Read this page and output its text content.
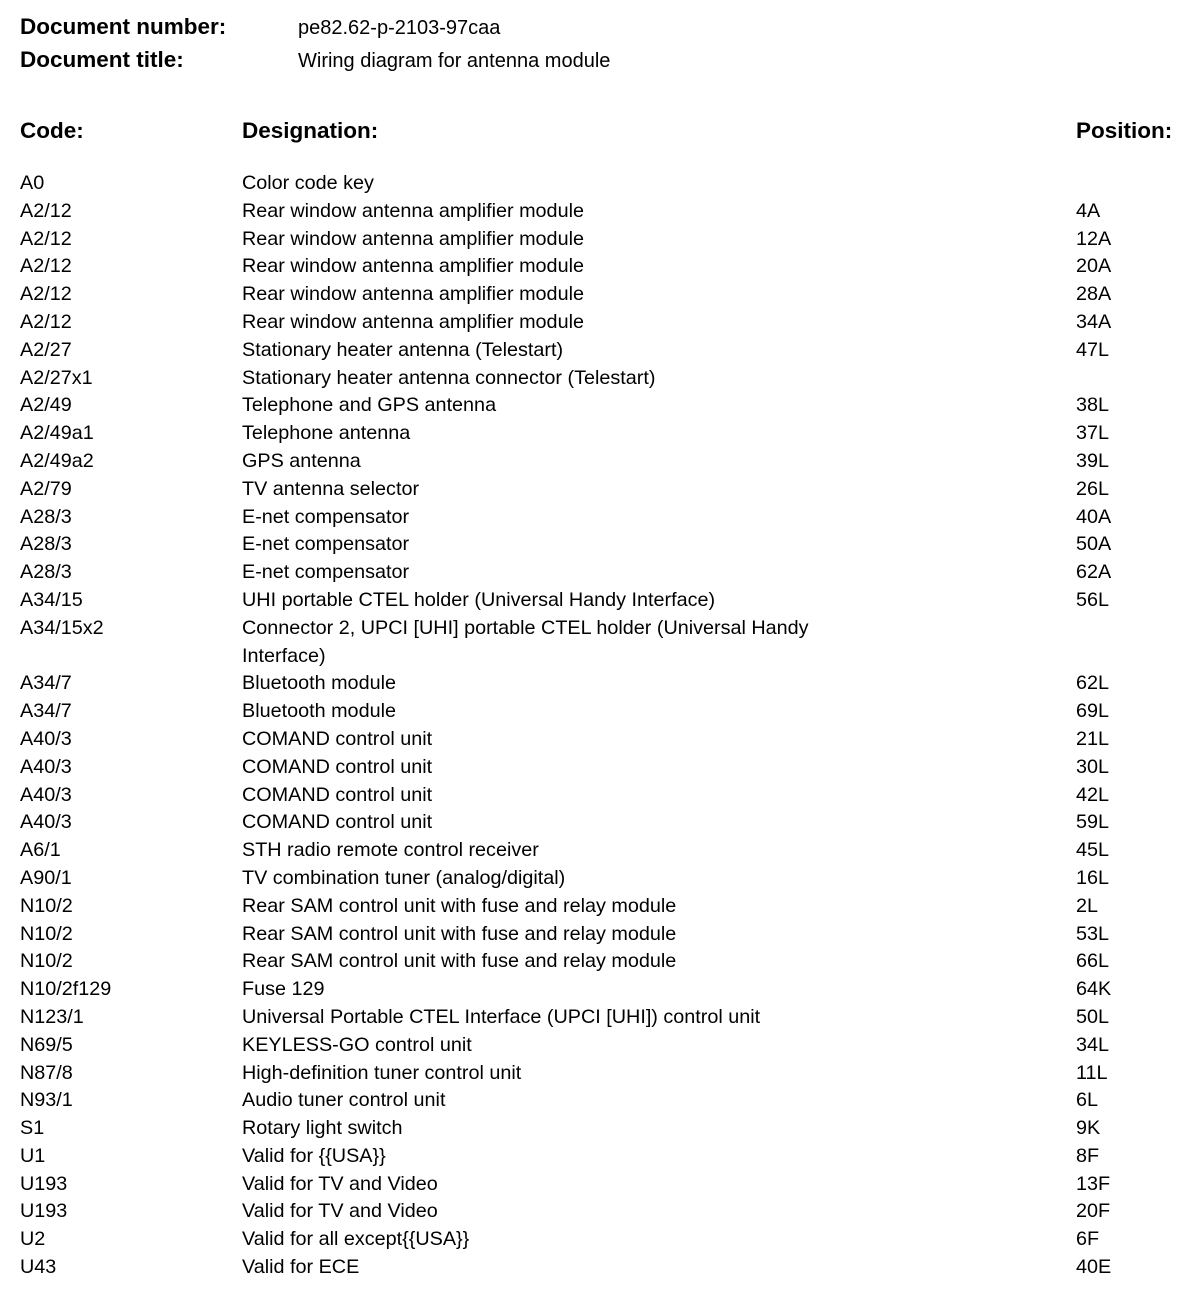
Document number:	pe82.62-p-2103-97caa
Document title:	Wiring diagram for antenna module
Code:	Designation:	Position:
A0	Color code key
A2/12	Rear window antenna amplifier module	4A
A2/12	Rear window antenna amplifier module	12A
A2/12	Rear window antenna amplifier module	20A
A2/12	Rear window antenna amplifier module	28A
A2/12	Rear window antenna amplifier module	34A
A2/27	Stationary heater antenna (Telestart)	47L
A2/27x1	Stationary heater antenna connector (Telestart)
A2/49	Telephone and GPS antenna	38L
A2/49a1	Telephone antenna	37L
A2/49a2	GPS antenna	39L
A2/79	TV antenna selector	26L
A28/3	E-net compensator	40A
A28/3	E-net compensator	50A
A28/3	E-net compensator	62A
A34/15	UHI portable CTEL holder (Universal Handy Interface)	56L
A34/15x2	Connector 2, UPCI [UHI] portable CTEL holder (Universal Handy Interface)
A34/7	Bluetooth module	62L
A34/7	Bluetooth module	69L
A40/3	COMAND control unit	21L
A40/3	COMAND control unit	30L
A40/3	COMAND control unit	42L
A40/3	COMAND control unit	59L
A6/1	STH radio remote control receiver	45L
A90/1	TV combination tuner (analog/digital)	16L
N10/2	Rear SAM control unit with fuse and relay module	2L
N10/2	Rear SAM control unit with fuse and relay module	53L
N10/2	Rear SAM control unit with fuse and relay module	66L
N10/2f129	Fuse 129	64K
N123/1	Universal Portable CTEL Interface (UPCI [UHI]) control unit	50L
N69/5	KEYLESS-GO control unit	34L
N87/8	High-definition tuner control unit	11L
N93/1	Audio tuner control unit	6L
S1	Rotary light switch	9K
U1	Valid for {{USA}}	8F
U193	Valid for TV and Video	13F
U193	Valid for TV and Video	20F
U2	Valid for all except{{USA}}	6F
U43	Valid for ECE	40E
